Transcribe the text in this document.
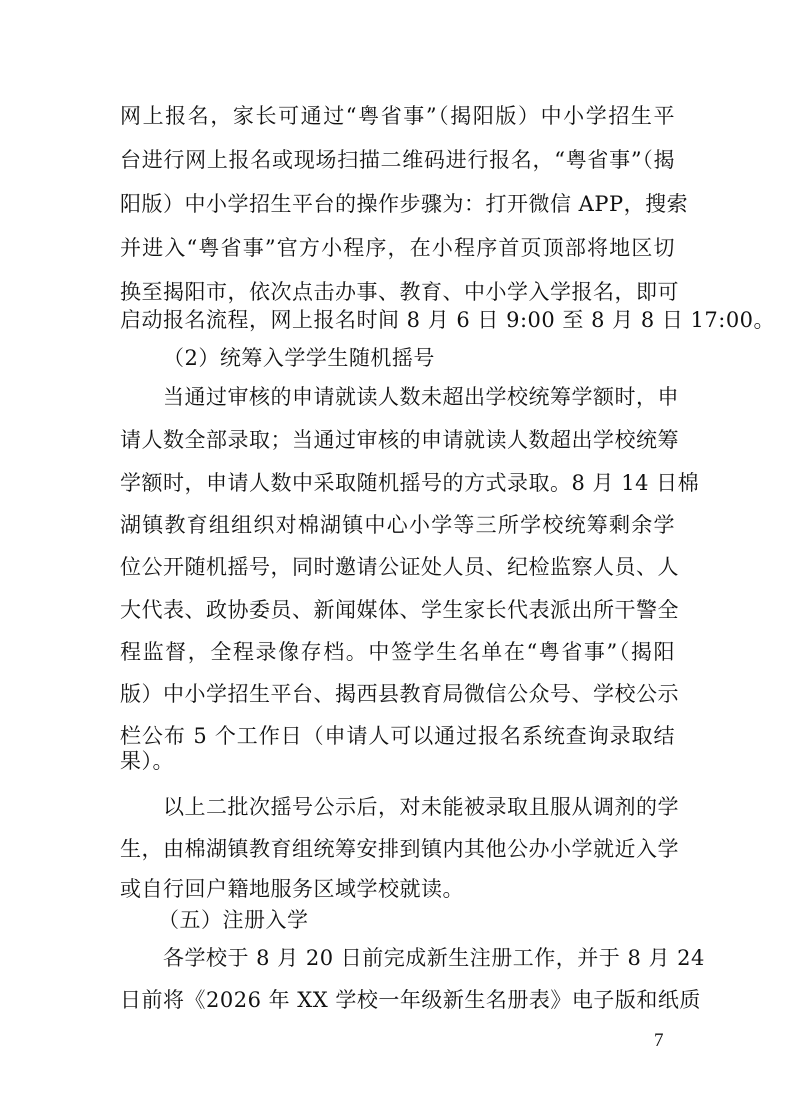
网上报名，家长可通过“粤省事”（揭阳版）中小学招生平
台进行网上报名或现场扫描二维码进行报名，“粤省事”（揭
阳版）中小学招生平台的操作步骤为：打开微信 APP，搜索
并进入“粤省事”官方小程序，在小程序首页顶部将地区切
换至揭阳市，依次点击办事、教育、中小学入学报名，即可
启动报名流程，网上报名时间 8 月 6 日 9:00 至 8 月 8 日 17:00。
（2）统筹入学学生随机摇号
当通过审核的申请就读人数未超出学校统筹学额时，申
请人数全部录取；当通过审核的申请就读人数超出学校统筹
学额时，申请人数中采取随机摇号的方式录取。8 月 14 日棉
湖镇教育组组织对棉湖镇中心小学等三所学校统筹剩余学
位公开随机摇号，同时邀请公证处人员、纪检监察人员、人
大代表、政协委员、新闻媒体、学生家长代表派出所干警全
程监督，全程录像存档。中签学生名单在“粤省事”（揭阳
版）中小学招生平台、揭西县教育局微信公众号、学校公示
栏公布 5 个工作日（申请人可以通过报名系统查询录取结
果）。
以上二批次摇号公示后，对未能被录取且服从调剂的学
生，由棉湖镇教育组统筹安排到镇内其他公办小学就近入学
或自行回户籍地服务区域学校就读。
（五）注册入学
各学校于 8 月 20 日前完成新生注册工作，并于 8 月 24
日前将《2026 年 XX 学校一年级新生名册表》电子版和纸质
7
